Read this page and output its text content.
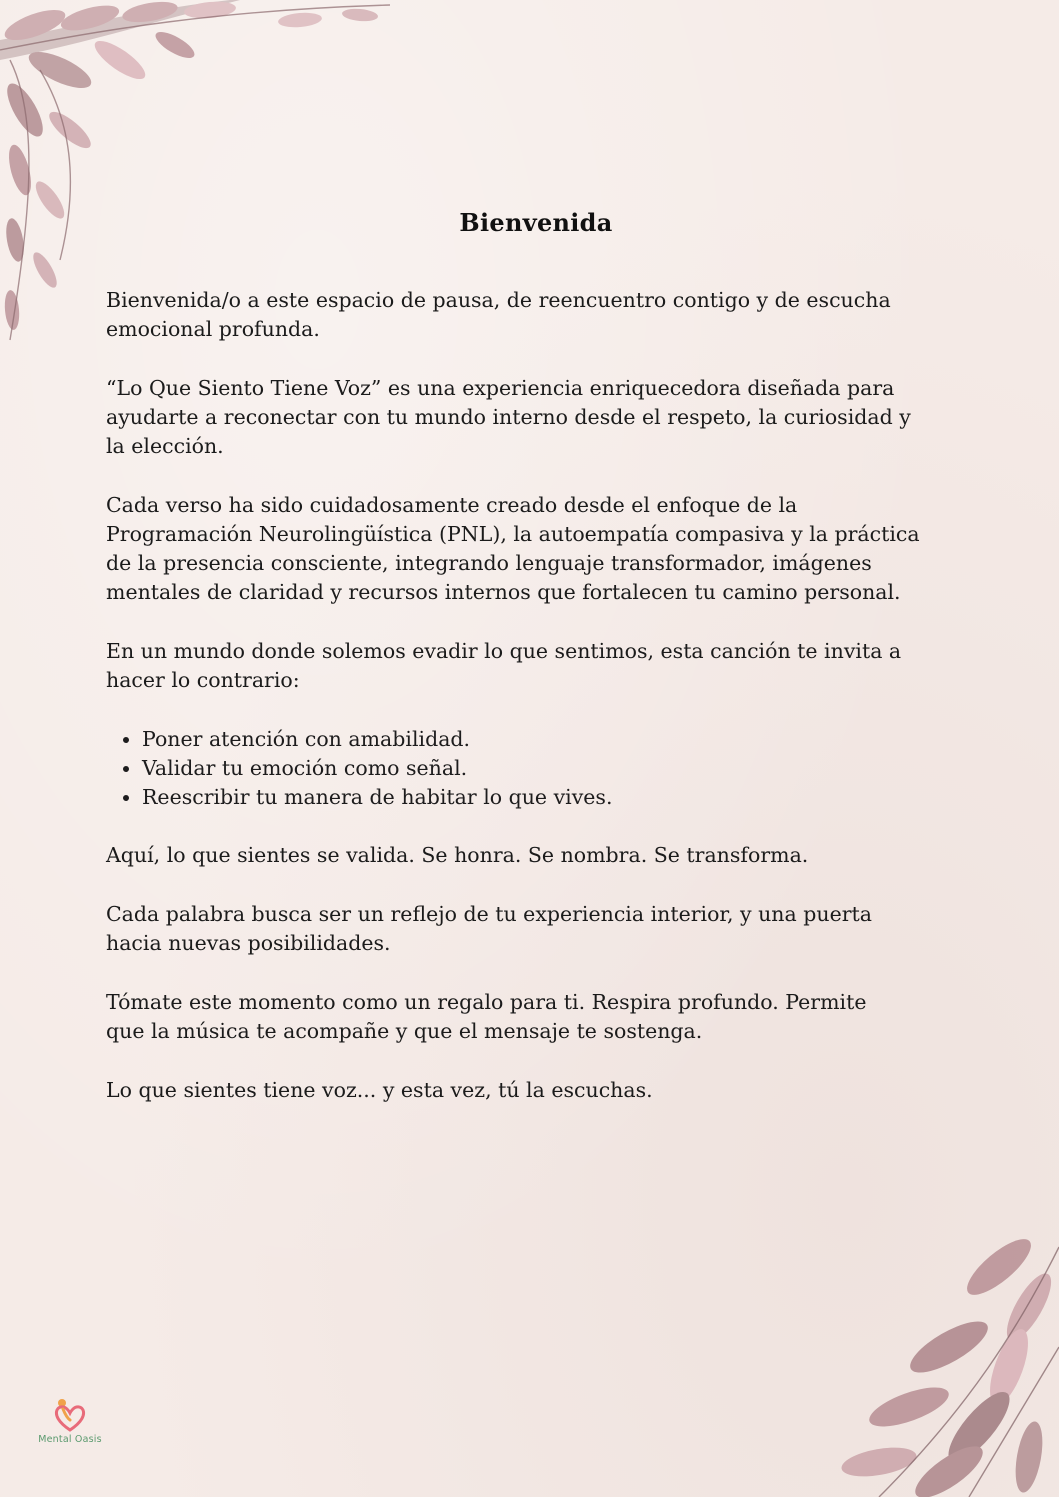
Bienvenida

Bienvenida/o a este espacio de pausa, de reencuentro contigo y de escucha
emocional profunda.

“Lo Que Siento Tiene Voz” es una experiencia enriquecedora diseñada para
ayudarte a reconectar con tu mundo interno desde el respeto, la curiosidad y
la elección.

Cada verso ha sido cuidadosamente creado desde el enfoque de la
Programación Neurolingüística (PNL), la autoempatía compasiva y la práctica
de la presencia consciente, integrando lenguaje transformador, imágenes
mentales de claridad y recursos internos que fortalecen tu camino personal.

En un mundo donde solemos evadir lo que sentimos, esta canción te invita a
hacer lo contrario:

• Poner atención con amabilidad.
• Validar tu emoción como señal.
• Reescribir tu manera de habitar lo que vives.

Aquí, lo que sientes se valida. Se honra. Se nombra. Se transforma.

Cada palabra busca ser un reflejo de tu experiencia interior, y una puerta
hacia nuevas posibilidades.

Tómate este momento como un regalo para ti. Respira profundo. Permite
que la música te acompañe y que el mensaje te sostenga.

Lo que sientes tiene voz... y esta vez, tú la escuchas.

Mental Oasis
